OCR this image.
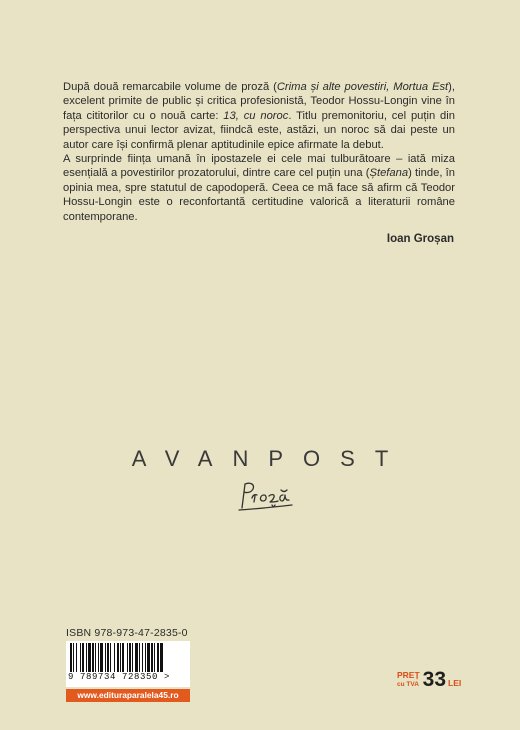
După două remarcabile volume de proză (Crima și alte povestiri, Mortua Est), excelent primite de public și critica profesionistă, Teodor Hossu-Longin vine în fața cititorilor cu o nouă carte: 13, cu noroc. Titlu premonitoriu, cel puțin din perspectiva unui lector avizat, fiindcă este, astăzi, un noroc să dai peste un autor care își confirmă plenar aptitudinile epice afirmate la debut.

A surprinde ființa umană în ipostazele ei cele mai tulburătoare – iată miza esențială a povestirilor prozatorului, dintre care cel puțin una (Ștefana) tinde, în opinia mea, spre statutul de capodoperă. Ceea ce mă face să afirm că Teodor Hossu-Longin este o reconfortantă certitudine valorică a literaturii române contemporane.

Ioan Groșan
AVANPOST
ISBN 978-973-47-2835-0
9 789734 728350 >
www.edituraparalela45.ro
PREȚ
cu TVA 33 LEI
